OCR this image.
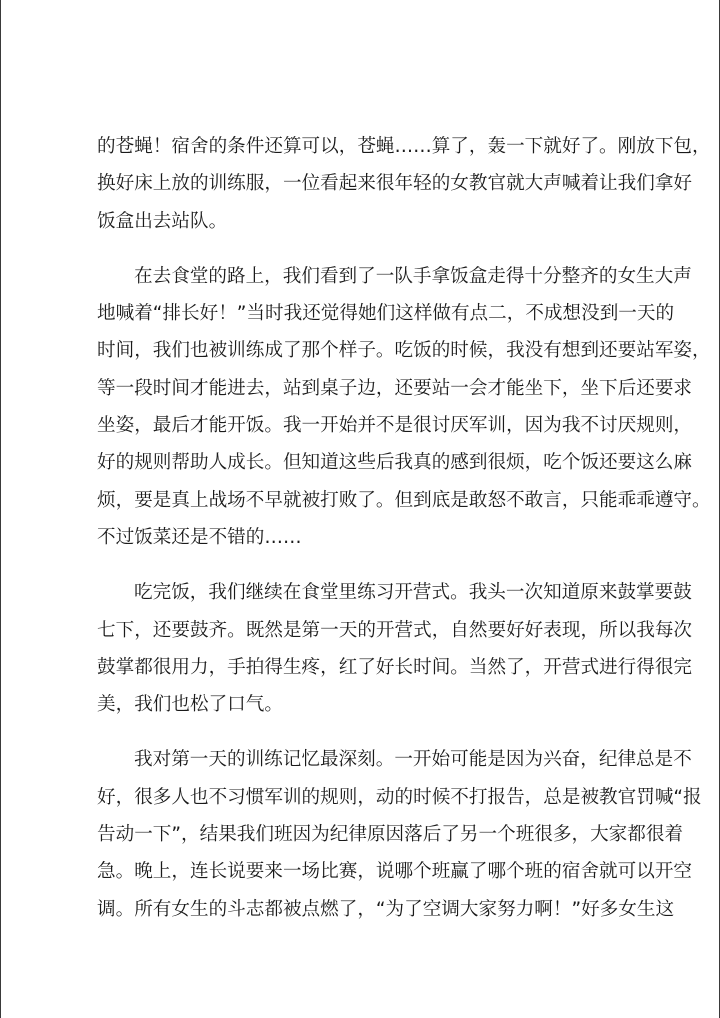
的苍蝇！宿舍的条件还算可以，苍蝇……算了，轰一下就好了。刚放下包，
换好床上放的训练服，一位看起来很年轻的女教官就大声喊着让我们拿好
饭盒出去站队。
在去食堂的路上，我们看到了一队手拿饭盒走得十分整齐的女生大声
地喊着“排长好！”当时我还觉得她们这样做有点二，不成想没到一天的
时间，我们也被训练成了那个样子。吃饭的时候，我没有想到还要站军姿，
等一段时间才能进去，站到桌子边，还要站一会才能坐下，坐下后还要求
坐姿，最后才能开饭。我一开始并不是很讨厌军训，因为我不讨厌规则，
好的规则帮助人成长。但知道这些后我真的感到很烦，吃个饭还要这么麻
烦，要是真上战场不早就被打败了。但到底是敢怒不敢言，只能乖乖遵守。
不过饭菜还是不错的……
吃完饭，我们继续在食堂里练习开营式。我头一次知道原来鼓掌要鼓
七下，还要鼓齐。既然是第一天的开营式，自然要好好表现，所以我每次
鼓掌都很用力，手拍得生疼，红了好长时间。当然了，开营式进行得很完
美，我们也松了口气。
我对第一天的训练记忆最深刻。一开始可能是因为兴奋，纪律总是不
好，很多人也不习惯军训的规则，动的时候不打报告，总是被教官罚喊“报
告动一下”，结果我们班因为纪律原因落后了另一个班很多，大家都很着
急。晚上，连长说要来一场比赛，说哪个班赢了哪个班的宿舍就可以开空
调。所有女生的斗志都被点燃了，“为了空调大家努力啊！”好多女生这
